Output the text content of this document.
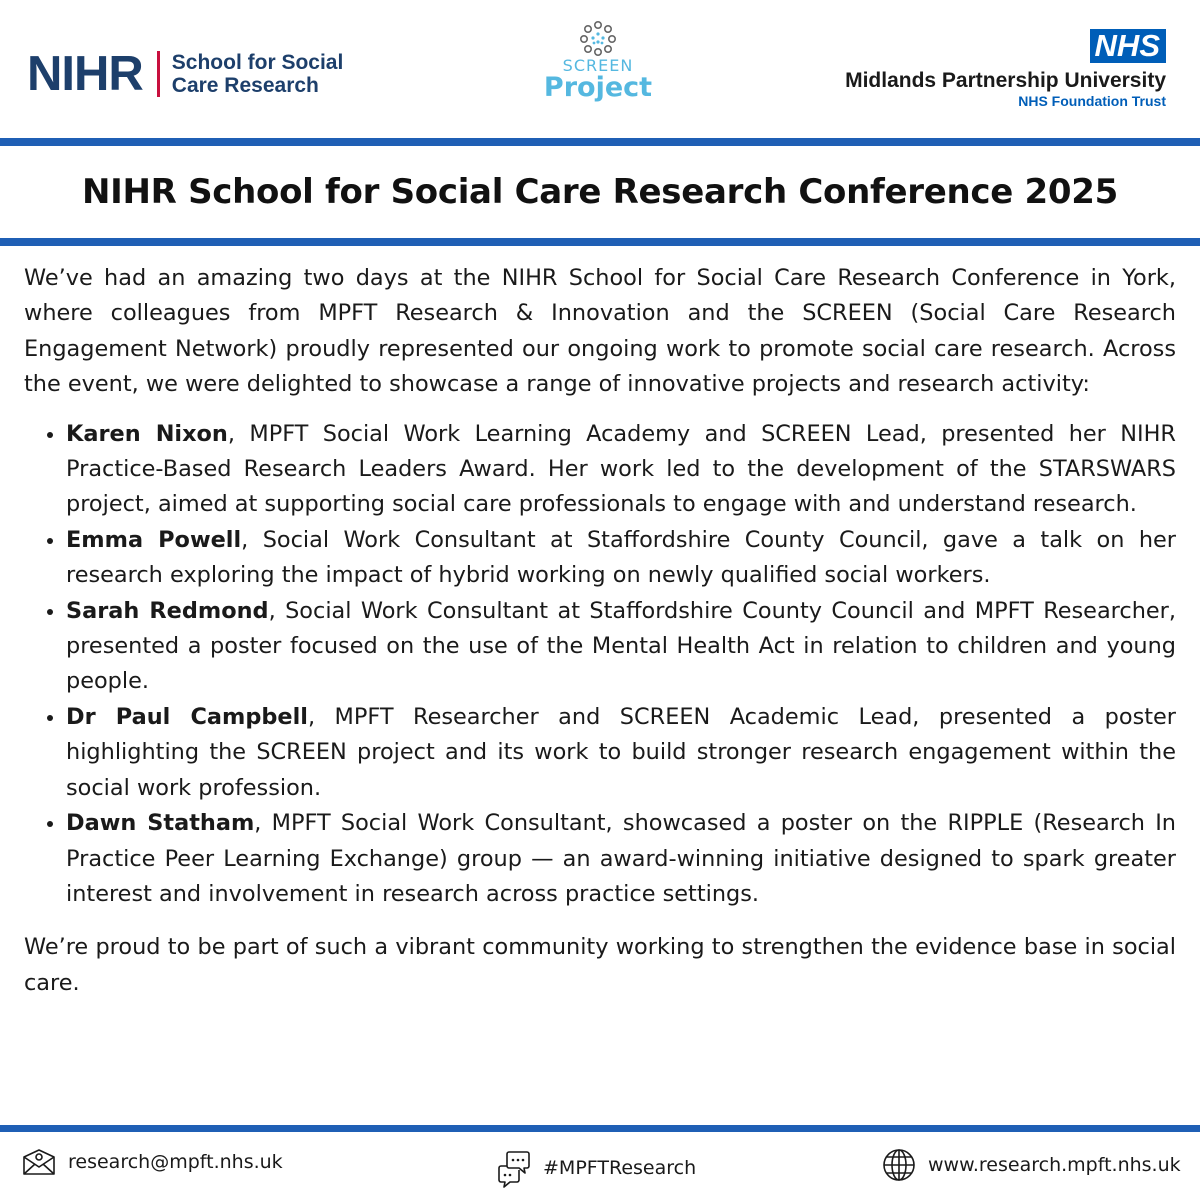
NIHR School for Social
Care Research
SCREEN
Project
NHS
Midlands Partnership University
NHS Foundation Trust
NIHR School for Social Care Research Conference 2025

We’ve had an amazing two days at the NIHR School for Social Care Research Conference in York, where colleagues from MPFT Research & Innovation and the SCREEN (Social Care Research Engagement Network) proudly represented our ongoing work to promote social care research. Across the event, we were delighted to showcase a range of innovative projects and research activity:

• Karen Nixon, MPFT Social Work Learning Academy and SCREEN Lead, presented her NIHR Practice-Based Research Leaders Award. Her work led to the development of the STARSWARS project, aimed at supporting social care professionals to engage with and understand research.
• Emma Powell, Social Work Consultant at Staffordshire County Council, gave a talk on her research exploring the impact of hybrid working on newly qualified social workers.
• Sarah Redmond, Social Work Consultant at Staffordshire County Council and MPFT Researcher, presented a poster focused on the use of the Mental Health Act in relation to children and young people.
• Dr Paul Campbell, MPFT Researcher and SCREEN Academic Lead, presented a poster highlighting the SCREEN project and its work to build stronger research engagement within the social work profession.
• Dawn Statham, MPFT Social Work Consultant, showcased a poster on the RIPPLE (Research In Practice Peer Learning Exchange) group — an award-winning initiative designed to spark greater interest and involvement in research across practice settings.

We’re proud to be part of such a vibrant community working to strengthen the evidence base in social care.

research@mpft.nhs.uk	#MPFTResearch	www.research.mpft.nhs.uk
